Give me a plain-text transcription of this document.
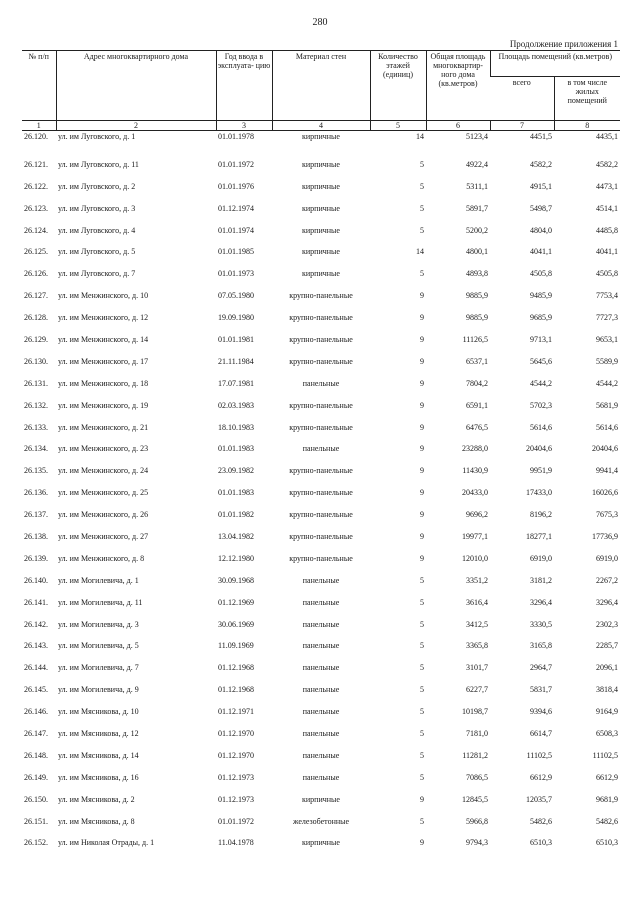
280
Продолжение приложения 1
№ п/п	Адрес многоквартирного дома	Год ввода в эксплуата- цию	Материал стен	Количество этажей (единиц)	Общая площадь многоквартир- ного дома (кв.метров)	Площадь помещений (кв.метров)	
						всего	в том числе жилых помещений
1	2	3	4	5	6	7	8
26.120.	ул. им Луговского, д. 1	01.01.1978	кирпичные	14	5123,4	4451,5	4435,1
26.121.	ул. им Луговского, д. 11	01.01.1972	кирпичные	5	4922,4	4582,2	4582,2
26.122.	ул. им Луговского, д. 2	01.01.1976	кирпичные	5	5311,1	4915,1	4473,1
26.123.	ул. им Луговского, д. 3	01.12.1974	кирпичные	5	5891,7	5498,7	4514,1
26.124.	ул. им Луговского, д. 4	01.01.1974	кирпичные	5	5200,2	4804,0	4485,8
26.125.	ул. им Луговского, д. 5	01.01.1985	кирпичные	14	4800,1	4041,1	4041,1
26.126.	ул. им Луговского, д. 7	01.01.1973	кирпичные	5	4893,8	4505,8	4505,8
26.127.	ул. им Менжинского, д. 10	07.05.1980	крупно-панельные	9	9885,9	9485,9	7753,4
26.128.	ул. им Менжинского, д. 12	19.09.1980	крупно-панельные	9	9885,9	9685,9	7727,3
26.129.	ул. им Менжинского, д. 14	01.01.1981	крупно-панельные	9	11126,5	9713,1	9653,1
26.130.	ул. им Менжинского, д. 17	21.11.1984	крупно-панельные	9	6537,1	5645,6	5589,9
26.131.	ул. им Менжинского, д. 18	17.07.1981	панельные	9	7804,2	4544,2	4544,2
26.132.	ул. им Менжинского, д. 19	02.03.1983	крупно-панельные	9	6591,1	5702,3	5681,9
26.133.	ул. им Менжинского, д. 21	18.10.1983	крупно-панельные	9	6476,5	5614,6	5614,6
26.134.	ул. им Менжинского, д. 23	01.01.1983	панельные	9	23288,0	20404,6	20404,6
26.135.	ул. им Менжинского, д. 24	23.09.1982	крупно-панельные	9	11430,9	9951,9	9941,4
26.136.	ул. им Менжинского, д. 25	01.01.1983	крупно-панельные	9	20433,0	17433,0	16026,6
26.137.	ул. им Менжинского, д. 26	01.01.1982	крупно-панельные	9	9696,2	8196,2	7675,3
26.138.	ул. им Менжинского, д. 27	13.04.1982	крупно-панельные	9	19977,1	18277,1	17736,9
26.139.	ул. им Менжинского, д. 8	12.12.1980	крупно-панельные	9	12010,0	6919,0	6919,0
26.140.	ул. им Могилевича, д. 1	30.09.1968	панельные	5	3351,2	3181,2	2267,2
26.141.	ул. им Могилевича, д. 11	01.12.1969	панельные	5	3616,4	3296,4	3296,4
26.142.	ул. им Могилевича, д. 3	30.06.1969	панельные	5	3412,5	3330,5	2302,3
26.143.	ул. им Могилевича, д. 5	11.09.1969	панельные	5	3365,8	3165,8	2285,7
26.144.	ул. им Могилевича, д. 7	01.12.1968	панельные	5	3101,7	2964,7	2096,1
26.145.	ул. им Могилевича, д. 9	01.12.1968	панельные	5	6227,7	5831,7	3818,4
26.146.	ул. им Мясникова, д. 10	01.12.1971	панельные	5	10198,7	9394,6	9164,9
26.147.	ул. им Мясникова, д. 12	01.12.1970	панельные	5	7181,0	6614,7	6508,3
26.148.	ул. им Мясникова, д. 14	01.12.1970	панельные	5	11281,2	11102,5	11102,5
26.149.	ул. им Мясникова, д. 16	01.12.1973	панельные	5	7086,5	6612,9	6612,9
26.150.	ул. им Мясникова, д. 2	01.12.1973	кирпичные	9	12845,5	12035,7	9681,9
26.151.	ул. им Мясникова, д. 8	01.01.1972	железобетонные	5	5966,8	5482,6	5482,6
26.152.	ул. им Николая Отрады, д. 1	11.04.1978	кирпичные	9	9794,3	6510,3	6510,3
